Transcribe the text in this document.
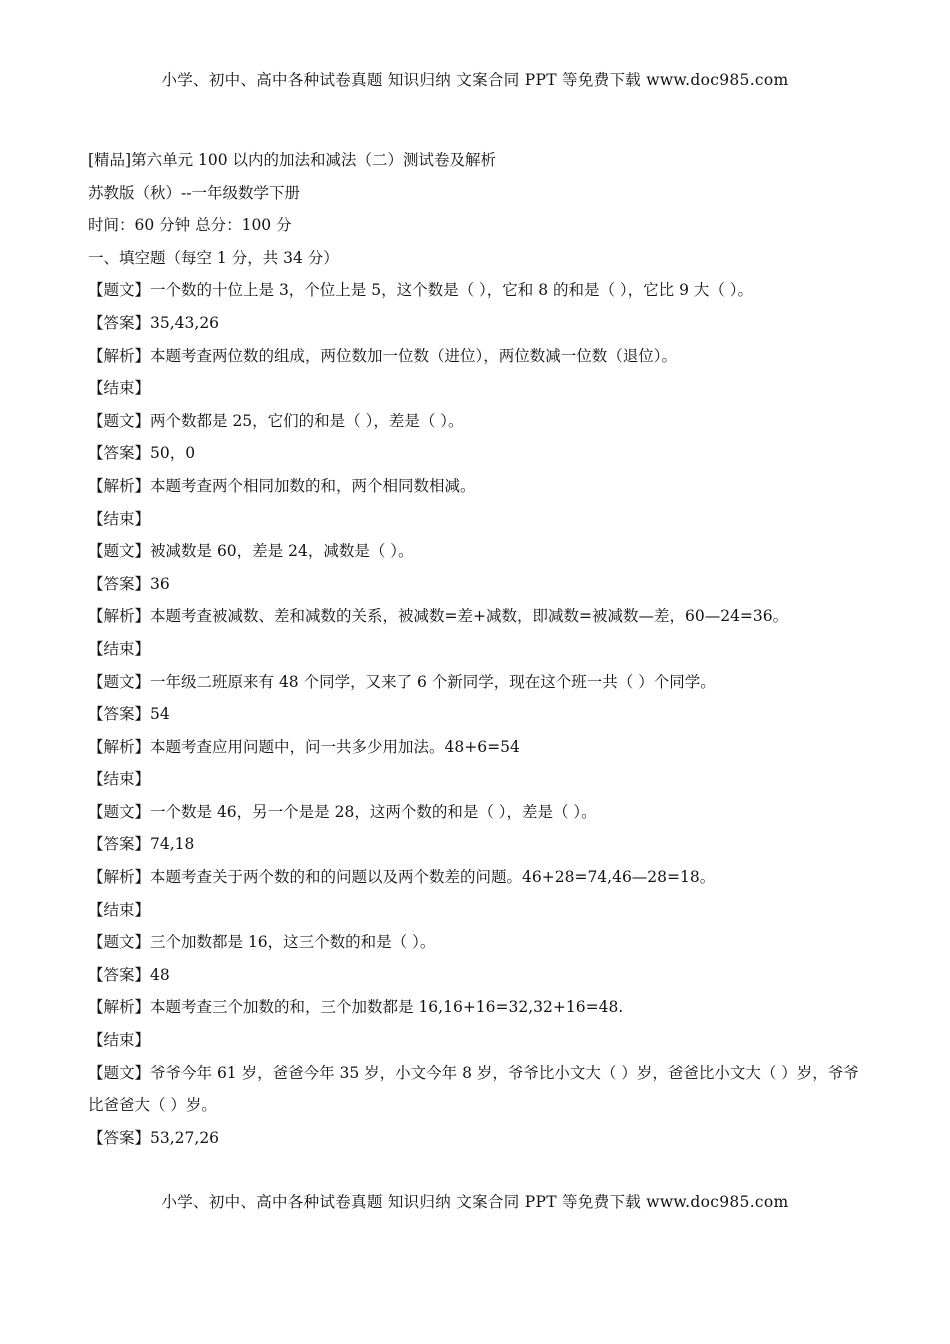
小学、初中、高中各种试卷真题 知识归纳 文案合同 PPT 等免费下载 www.doc985.com
[精品]第六单元 100 以内的加法和减法（二）测试卷及解析
苏教版（秋）--一年级数学下册
时间：60 分钟 总分：100 分
一、填空题（每空 1 分，共 34 分）
【题文】一个数的十位上是 3，个位上是 5，这个数是（ ），它和 8 的和是（ ），它比 9 大（ ）。
【答案】35,43,26
【解析】本题考查两位数的组成，两位数加一位数（进位），两位数减一位数（退位）。
【结束】
【题文】两个数都是 25，它们的和是（ ），差是（ ）。
【答案】50，0
【解析】本题考查两个相同加数的和，两个相同数相减。
【结束】
【题文】被减数是 60，差是 24，减数是（ ）。
【答案】36
【解析】本题考查被减数、差和减数的关系，被减数=差+减数，即减数=被减数—差，60—24=36。
【结束】
【题文】一年级二班原来有 48 个同学，又来了 6 个新同学，现在这个班一共（ ）个同学。
【答案】54
【解析】本题考查应用问题中，问一共多少用加法。48+6=54
【结束】
【题文】一个数是 46，另一个是是 28，这两个数的和是（ ），差是（ ）。
【答案】74,18
【解析】本题考查关于两个数的和的问题以及两个数差的问题。46+28=74,46—28=18。
【结束】
【题文】三个加数都是 16，这三个数的和是（ ）。
【答案】48
【解析】本题考查三个加数的和，三个加数都是 16,16+16=32,32+16=48.
【结束】
【题文】爷爷今年 61 岁，爸爸今年 35 岁，小文今年 8 岁，爷爷比小文大（ ）岁，爸爸比小文大（ ）岁，爷爷比爸爸大（ ）岁。
【答案】53,27,26
小学、初中、高中各种试卷真题 知识归纳 文案合同 PPT 等免费下载 www.doc985.com
